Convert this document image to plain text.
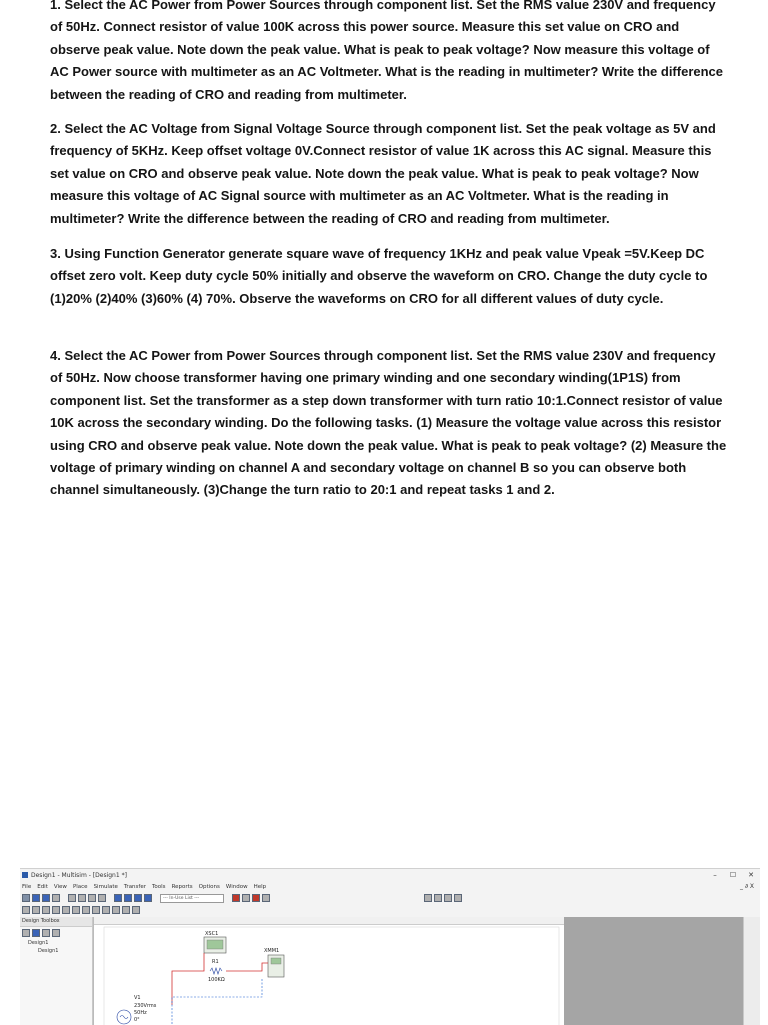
1. Select the AC Power from Power Sources through component list. Set the RMS value 230V and frequency of 50Hz. Connect resistor of value 100K across this power source. Measure this set value on CRO and observe peak value. Note down the peak value. What is peak to peak voltage? Now measure this voltage of AC Power source with multimeter as an AC Voltmeter. What is the reading in multimeter? Write the difference between the reading of CRO and reading from multimeter.

2. Select the AC Voltage from Signal Voltage Source through component list. Set the peak voltage as 5V and frequency of 5KHz. Keep offset voltage 0V.Connect resistor of value 1K across this AC signal. Measure this set value on CRO and observe peak value. Note down the peak value. What is peak to peak voltage? Now measure this voltage of AC Signal source with multimeter as an AC Voltmeter. What is the reading in multimeter? Write the difference between the reading of CRO and reading from multimeter.

3. Using Function Generator generate square wave of frequency 1KHz and peak value Vpeak =5V.Keep DC offset zero volt. Keep duty cycle 50% initially and observe the waveform on CRO. Change the duty cycle to (1)20% (2)40% (3)60% (4) 70%. Observe the waveforms on CRO for all different values of duty cycle.

4. Select the AC Power from Power Sources through component list. Set the RMS value 230V and frequency of 50Hz. Now choose transformer having one primary winding and one secondary winding(1P1S) from component list. Set the transformer as a step down transformer with turn ratio 10:1.Connect resistor of value 10K across the secondary winding. Do the following tasks. (1) Measure the voltage value across this resistor using CRO and observe peak value. Note down the peak value. What is peak to peak voltage? (2) Measure the voltage of primary winding on channel A and secondary voltage on channel B so you can observe both channel simultaneously. (3)Change the turn ratio to 20:1 and repeat tasks 1 and 2.

Design1 - Multisim - [Design1 *]	–	☐	✕
File Edit View Place Simulate Transfer Tools Reports Options Window Help	_ ∂ X
--- In-Use List ---
Design Toolbox
Design1
Design1
XSC1
XMM1
R1
100KΩ
V1
230Vrms
50Hz
0°
